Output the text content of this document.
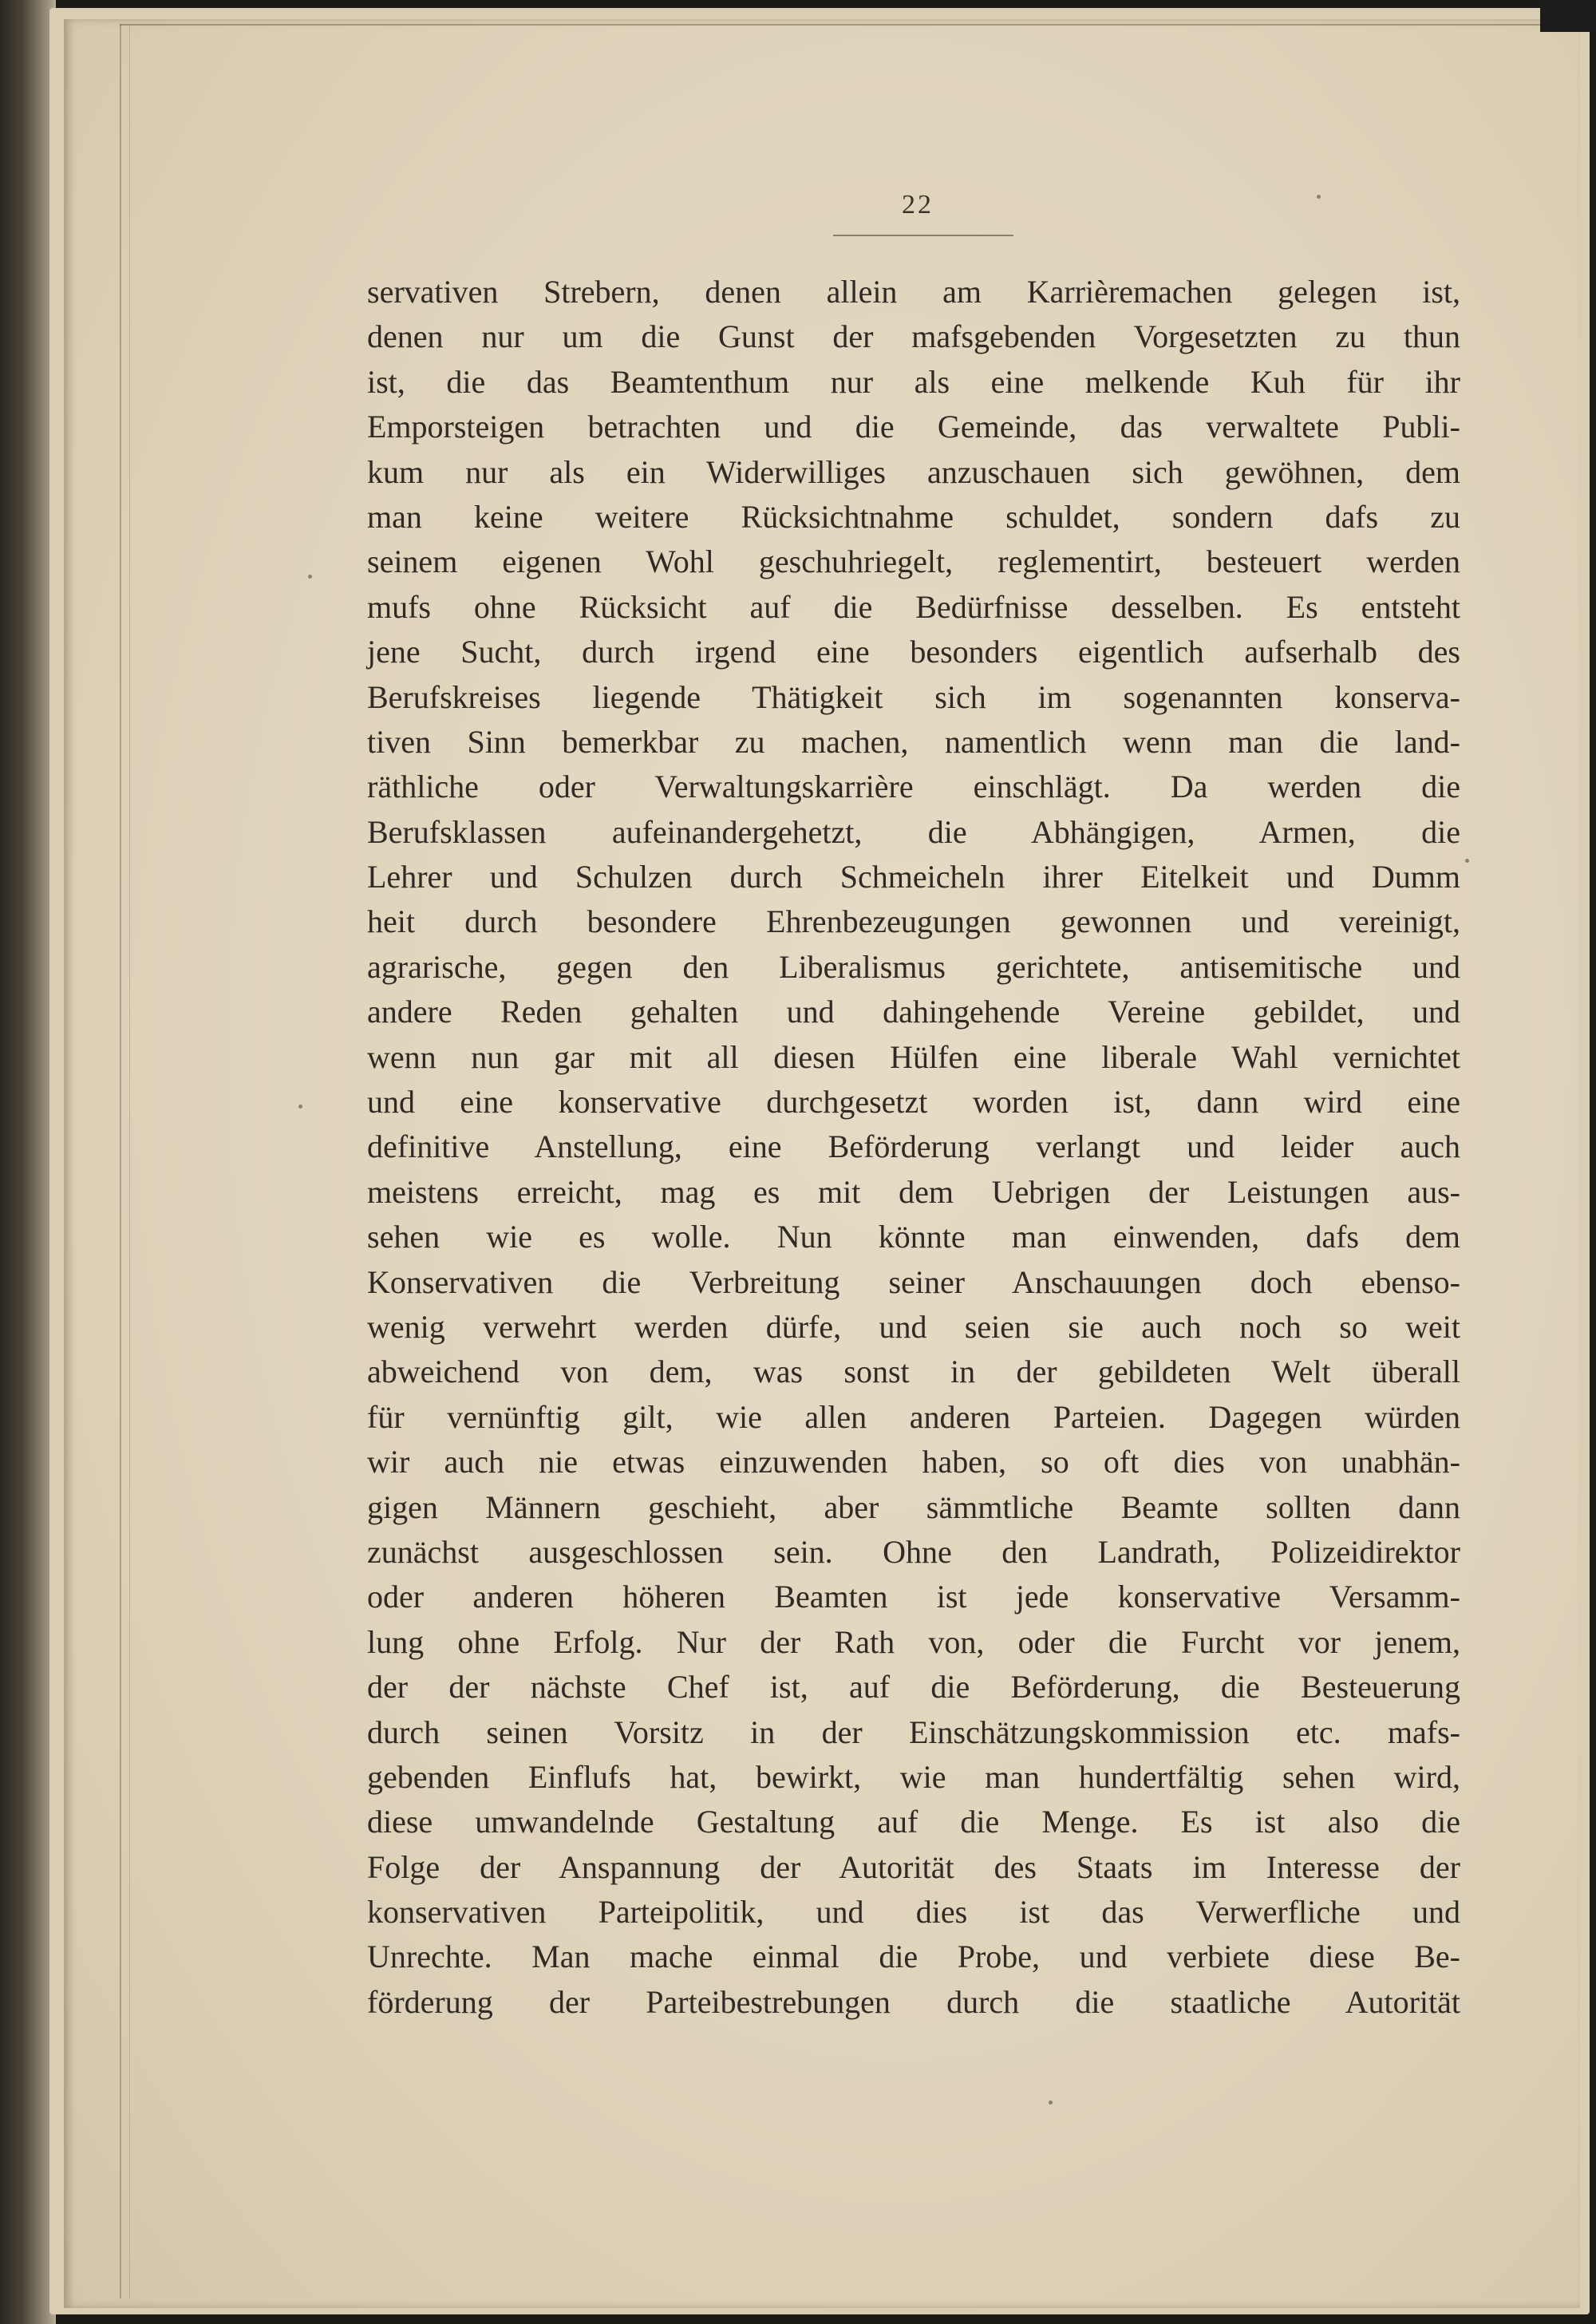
22
servativen Strebern, denen allein am Karrièremachen gelegen ist,
denen nur um die Gunst der mafsgebenden Vorgesetzten zu thun
ist, die das Beamtenthum nur als eine melkende Kuh für ihr
Emporsteigen betrachten und die Gemeinde, das verwaltete Publi-
kum nur als ein Widerwilliges anzuschauen sich gewöhnen, dem
man keine weitere Rücksichtnahme schuldet, sondern dafs zu
seinem eigenen Wohl geschuhriegelt, reglementirt, besteuert werden
mufs ohne Rücksicht auf die Bedürfnisse desselben. Es entsteht
jene Sucht, durch irgend eine besonders eigentlich aufserhalb des
Berufskreises liegende Thätigkeit sich im sogenannten konserva-
tiven Sinn bemerkbar zu machen, namentlich wenn man die land-
räthliche oder Verwaltungskarrière einschlägt. Da werden die
Berufsklassen aufeinandergehetzt, die Abhängigen, Armen, die
Lehrer und Schulzen durch Schmeicheln ihrer Eitelkeit und Dumm
heit durch besondere Ehrenbezeugungen gewonnen und vereinigt,
agrarische, gegen den Liberalismus gerichtete, antisemitische und
andere Reden gehalten und dahingehende Vereine gebildet, und
wenn nun gar mit all diesen Hülfen eine liberale Wahl vernichtet
und eine konservative durchgesetzt worden ist, dann wird eine
definitive Anstellung, eine Beförderung verlangt und leider auch
meistens erreicht, mag es mit dem Uebrigen der Leistungen aus-
sehen wie es wolle. Nun könnte man einwenden, dafs dem
Konservativen die Verbreitung seiner Anschauungen doch ebenso-
wenig verwehrt werden dürfe, und seien sie auch noch so weit
abweichend von dem, was sonst in der gebildeten Welt überall
für vernünftig gilt, wie allen anderen Parteien. Dagegen würden
wir auch nie etwas einzuwenden haben, so oft dies von unabhän-
gigen Männern geschieht, aber sämmtliche Beamte sollten dann
zunächst ausgeschlossen sein. Ohne den Landrath, Polizeidirektor
oder anderen höheren Beamten ist jede konservative Versamm-
lung ohne Erfolg. Nur der Rath von, oder die Furcht vor jenem,
der der nächste Chef ist, auf die Beförderung, die Besteuerung
durch seinen Vorsitz in der Einschätzungskommission etc. mafs-
gebenden Einflufs hat, bewirkt, wie man hundertfältig sehen wird,
diese umwandelnde Gestaltung auf die Menge. Es ist also die
Folge der Anspannung der Autorität des Staats im Interesse der
konservativen Parteipolitik, und dies ist das Verwerfliche und
Unrechte. Man mache einmal die Probe, und verbiete diese Be-
förderung der Parteibestrebungen durch die staatliche Autorität
